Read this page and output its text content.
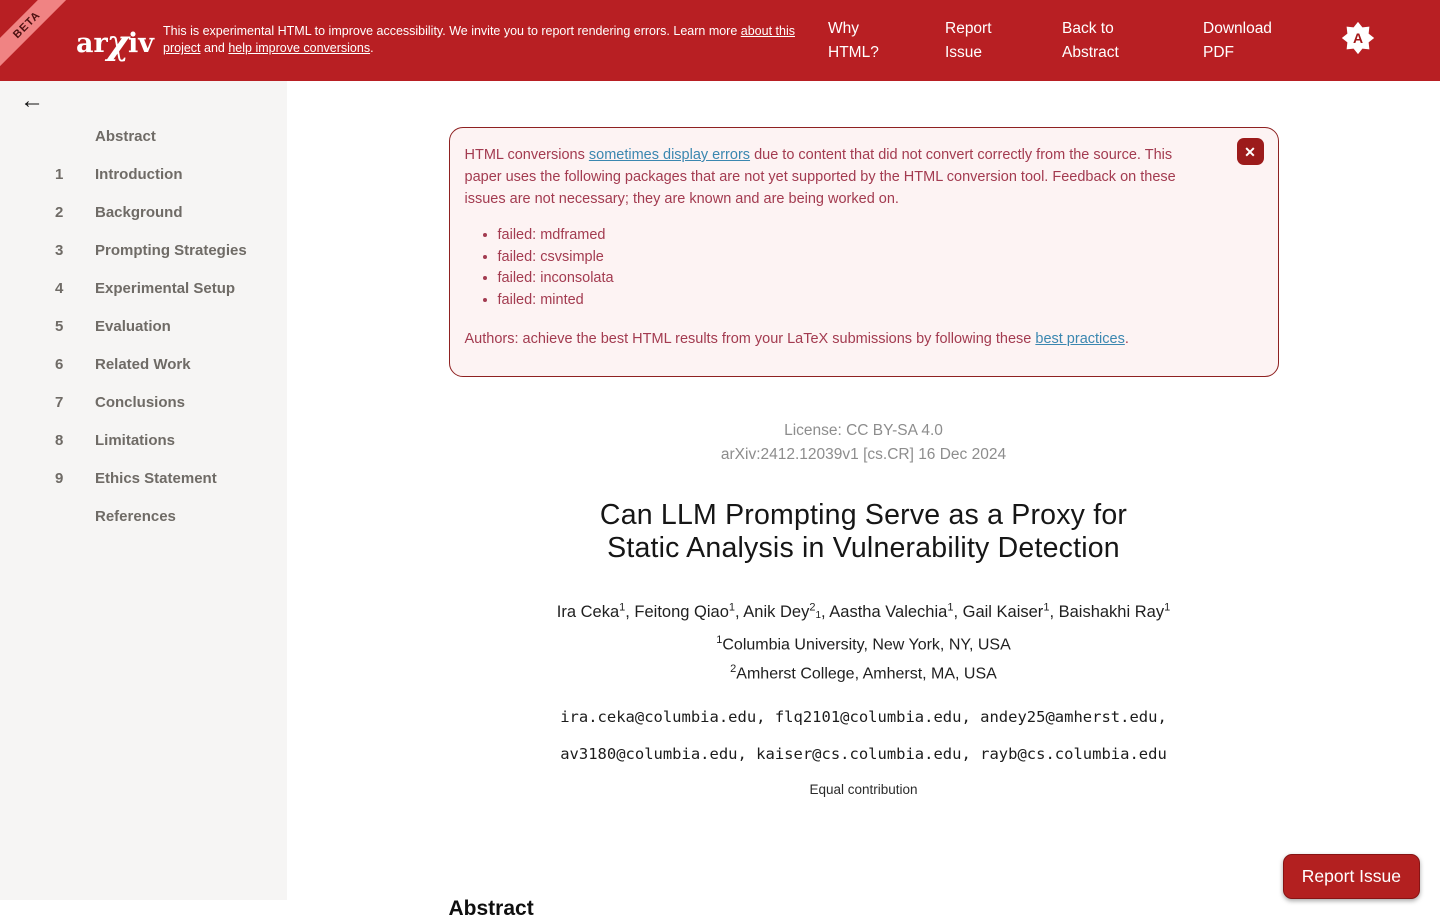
BETA
arχiv This is experimental HTML to improve accessibility. We invite you to report rendering errors. Learn more about this project and help improve conversions.
Why HTML?
Report Issue
Back to Abstract
Download PDF
A
←
Abstract
1	Introduction
2	Background
3	Prompting Strategies
4	Experimental Setup
5	Evaluation
6	Related Work
7	Conclusions
8	Limitations
9	Ethics Statement
References
✕
HTML conversions sometimes display errors due to content that did not convert correctly from the source. This paper uses the following packages that are not yet supported by the HTML conversion tool. Feedback on these issues are not necessary; they are known and are being worked on.
• failed: mdframed
• failed: csvsimple
• failed: inconsolata
• failed: minted
Authors: achieve the best HTML results from your LaTeX submissions by following these best practices.
License: CC BY-SA 4.0
arXiv:2412.12039v1 [cs.CR] 16 Dec 2024
Can LLM Prompting Serve as a Proxy for
Static Analysis in Vulnerability Detection
Ira Ceka$^1$, Feitong Qiao$^1$, Anik Dey$^2_1$, Aastha Valechia$^1$, Gail Kaiser$^1$, Baishakhi Ray$^1$
$^1$Columbia University, New York, NY, USA
$^2$Amherst College, Amherst, MA, USA
ira.ceka@columbia.edu, flq2101@columbia.edu, andey25@amherst.edu,
av3180@columbia.edu, kaiser@cs.columbia.edu, rayb@cs.columbia.edu
Equal contribution
Abstract
Report Issue
